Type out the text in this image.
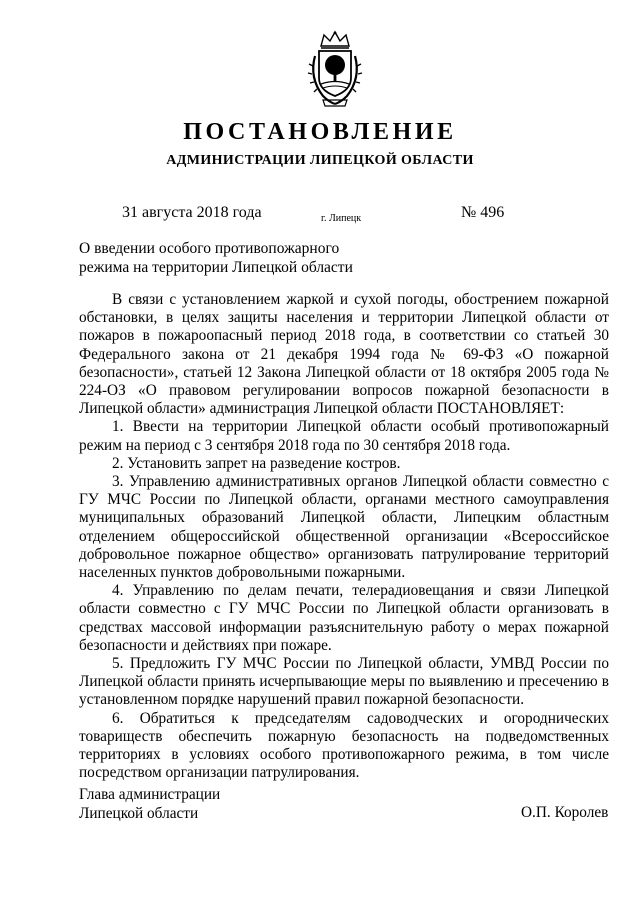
ПОСТАНОВЛЕНИЕ
АДМИНИСТРАЦИИ ЛИПЕЦКОЙ ОБЛАСТИ
31 августа 2018 года	г. Липецк	№ 496
О введении особого противопожарного
режима на территории Липецкой области

В связи с установлением жаркой и сухой погоды, обострением пожарной обстановки, в целях защиты населения и территории Липецкой области от пожаров в пожароопасный период 2018 года, в соответствии со статьей 30 Федерального закона от 21 декабря 1994 года № 69-ФЗ «О пожарной безопасности», статьей 12 Закона Липецкой области от 18 октября 2005 года № 224-ОЗ «О правовом регулировании вопросов пожарной безопасности в Липецкой области» администрация Липецкой области ПОСТАНОВЛЯЕТ:

1. Ввести на территории Липецкой области особый противопожарный режим на период с 3 сентября 2018 года по 30 сентября 2018 года.

2. Установить запрет на разведение костров.

3. Управлению административных органов Липецкой области совместно с ГУ МЧС России по Липецкой области, органами местного самоуправления муниципальных образований Липецкой области, Липецким областным отделением общероссийской общественной организации «Всероссийское добровольное пожарное общество» организовать патрулирование территорий населенных пунктов добровольными пожарными.

4. Управлению по делам печати, телерадиовещания и связи Липецкой области совместно с ГУ МЧС России по Липецкой области организовать в средствах массовой информации разъяснительную работу о мерах пожарной безопасности и действиях при пожаре.

5. Предложить ГУ МЧС России по Липецкой области, УМВД России по Липецкой области принять исчерпывающие меры по выявлению и пресечению в установленном порядке нарушений правил пожарной безопасности.

6. Обратиться к председателям садоводческих и огороднических товариществ обеспечить пожарную безопасность на подведомственных территориях в условиях особого противопожарного режима, в том числе посредством организации патрулирования.

Глава администрации
Липецкой области	О.П. Королев
